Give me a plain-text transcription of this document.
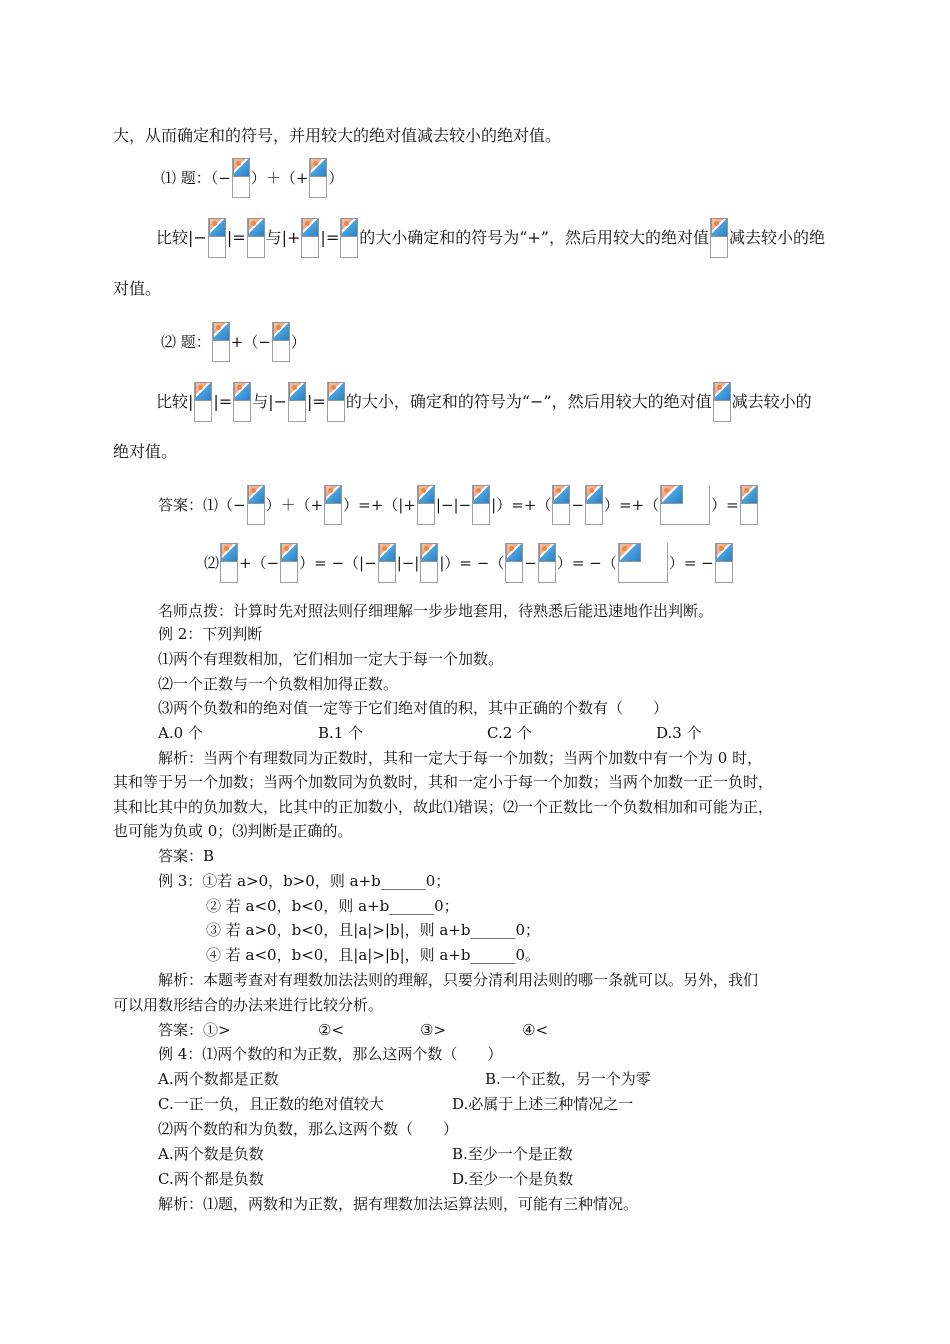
大，从而确定和的符号，并用较大的绝对值减去较小的绝对值。
⑴ 题：（− ）＋（+ ）
比较|− |= 与|+ |= 的大小确定和的符号为“+”，然后用较大的绝对值 减去较小的绝
对值。
⑵ 题： +（− ）
比较| |= 与|− |= 的大小，确定和的符号为“−”，然后用较大的绝对值 减去较小的
绝对值。
答案：⑴（− ）＋（+ ）=+（|+ |−|− |）=+（ − ）=+（	）=
⑵ +（− ）= −（|− |−| |）= −（ − ）= −（	）= −
名师点拨：计算时先对照法则仔细理解一步步地套用，待熟悉后能迅速地作出判断。
例 2：下列判断
⑴两个有理数相加，它们相加一定大于每一个加数。
⑵一个正数与一个负数相加得正数。
⑶两个负数和的绝对值一定等于它们绝对值的积，其中正确的个数有（　　）
A.0 个	B.1 个	C.2 个	D.3 个
解析：当两个有理数同为正数时，其和一定大于每一个加数；当两个加数中有一个为 0 时，
其和等于另一个加数；当两个加数同为负数时，其和一定小于每一个加数；当两个加数一正一负时，
其和比其中的负加数大，比其中的正加数小，故此⑴错误；⑵一个正数比一个负数相加和可能为正，
也可能为负或 0；⑶判断是正确的。
答案：B
例 3：①若 a>0，b>0，则 a+b______0；
② 若 a<0，b<0，则 a+b______0；
③ 若 a>0，b<0，且|a|>|b|，则 a+b______0；
④ 若 a<0，b<0，且|a|>|b|，则 a+b______0。
解析：本题考查对有理数加法法则的理解，只要分清利用法则的哪一条就可以。另外，我们
可以用数形结合的办法来进行比较分析。
答案：①>	②<	③>	④<
例 4：⑴两个数的和为正数，那么这两个数（　　）
A.两个数都是正数	B.一个正数，另一个为零
C.一正一负，且正数的绝对值较大	D.必属于上述三种情况之一
⑵两个数的和为负数，那么这两个数（　　）
A.两个数是负数	B.至少一个是正数
C.两个都是负数	D.至少一个是负数
解析：⑴题，两数和为正数，据有理数加法运算法则，可能有三种情况。
